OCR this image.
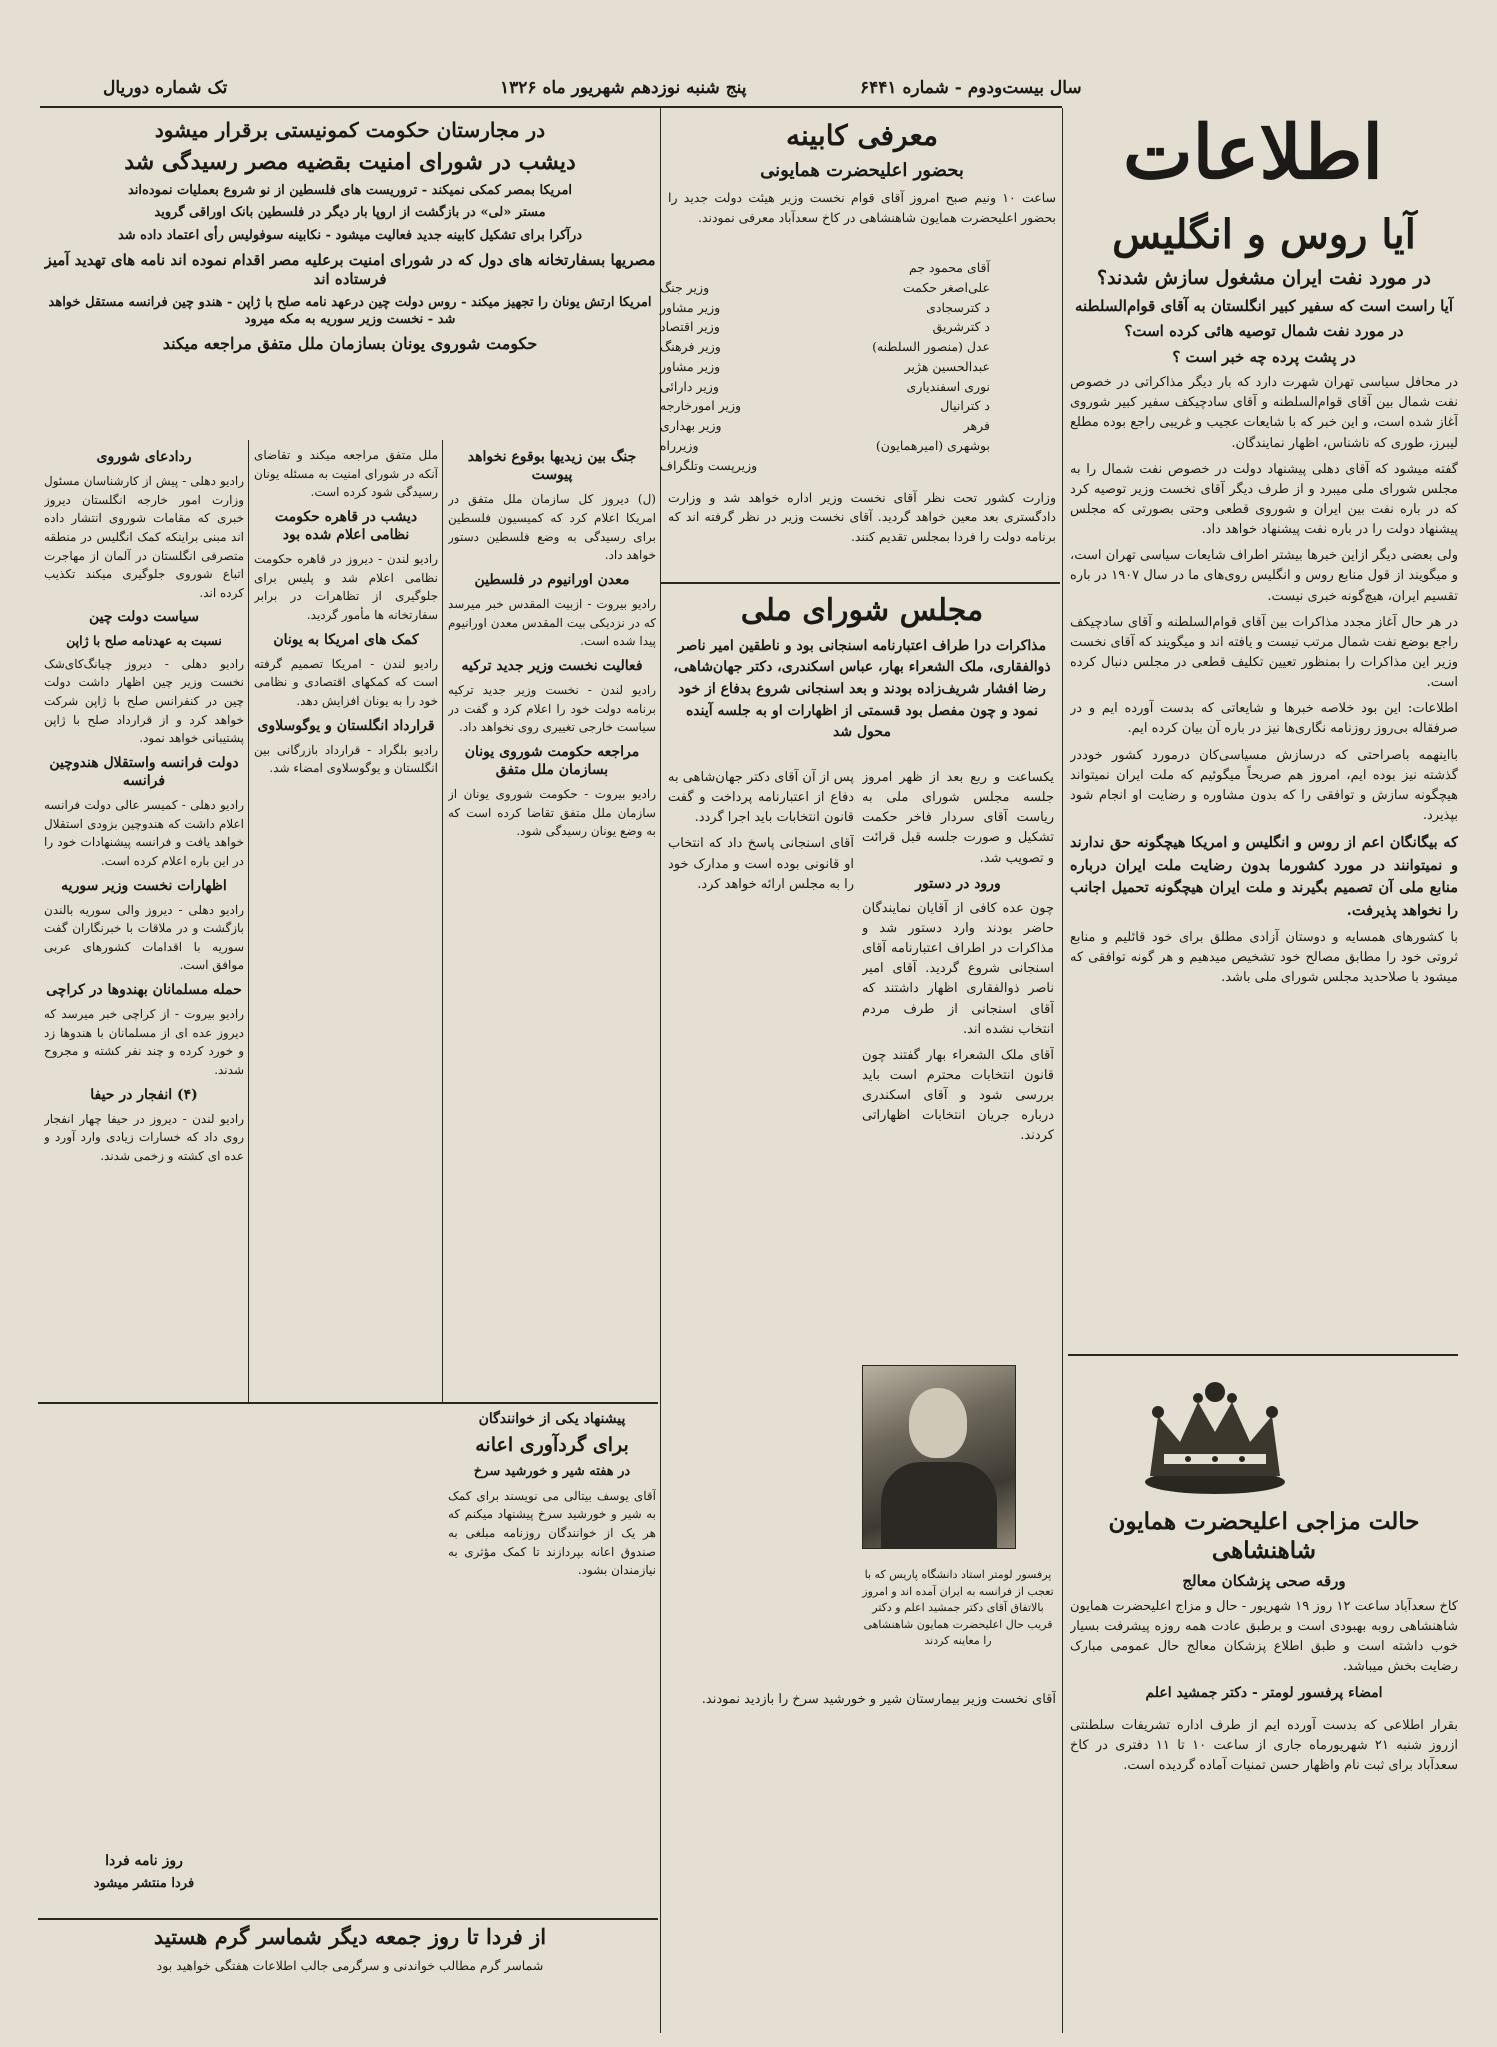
تک شماره دوریال	پنج شنبه نوزدهم شهریور ماه ۱۳۲۶	سال بیست‌ودوم - شماره ۶۴۴۱
اطلاعات
آیا روس و انگلیس
در مورد نفت ایران مشغول سازش شدند؟
آیا راست است که سفیر کبیر انگلستان به آقای قوام‌السلطنه
در مورد نفت شمال توصیه هائی کرده است؟
در پشت پرده چه خبر است ؟

در محافل سیاسی تهران شهرت دارد که بار دیگر مذاکراتی در خصوص نفت شمال بین آقای قوام‌السلطنه و آقای سادچیکف سفیر کبیر شوروی آغاز شده است، و این خبر که با شایعات عجیب و غریبی راجع بوده مطلع لیبرز، طوری که ناشناس، اظهار نمایندگان.

گفته میشود که آقای دهلی پیشنهاد دولت در خصوص نفت شمال را به مجلس شورای ملی میبرد و از طرف دیگر آقای نخست وزیر توصیه کرد که در باره نفت بین ایران و شوروی قطعی وحتی بصورتی که مجلس پیشنهاد دولت را در باره نفت پیشنهاد خواهد داد.

ولی بعضی دیگر ازاین خبرها بیشتر اطراف شایعات سیاسی تهران است، و میگویند از قول منابع روس و انگلیس روی‌های ما در سال ۱۹۰۷ در باره تقسیم ایران، هیچ‌گونه خبری نیست.

در هر حال آغاز مجدد مذاکرات بین آقای قوام‌السلطنه و آقای سادچیکف راجع بوضع نفت شمال مرتب نیست و یافته اند و میگویند که آقای نخست وزیر این مذاکرات را بمنظور تعیین تکلیف قطعی در مجلس دنبال کرده است.

اطلاعات: این بود خلاصه خبرها و شایعاتی که بدست آورده ایم و در صرفقاله بی‌روز روزنامه نگاری‌ها نیز در باره آن بیان کرده ایم.

بااینهمه باصراحتی که درسازش مسیاسی‌کان درمورد کشور خوددر گذشته ‌نیز بوده ایم، امروز هم صریحاً میگوئیم که ملت ایران نمیتواند هیچگونه سازش و توافقی را که بدون مشاوره و رضایت او انجام شود بپذیرد.

که بیگانگان اعم از روس و انگلیس و امریکا هیچگونه حق ندارند و نمیتوانند در مورد کشورما بدون رضایت ملت ایران درباره منابع ملی آن تصمیم بگیرند و ملت ایران هیچگونه تحمیل اجانب را نخواهد پذیرفت.

با کشورهای همسایه و دوستان آزادی مطلق برای خود قائلیم و منابع ثروتی خود را مطابق مصالح خود تشخیص میدهیم و هر گونه توافقی که میشود با صلاحدید مجلس شورای ملی باشد.

حالت مزاجی اعلیحضرت همایون شاهنشاهی
ورقه صحی پزشکان معالج

کاخ سعدآباد ساعت ۱۲ روز ۱۹ شهریور - حال و مزاج اعلیحضرت همایون شاهنشاهی روبه بهبودی است و برطبق عادت همه روزه پیشرفت بسیار خوب داشته است و طبق اطلاع پزشکان معالج حال عمومی مبارک رضایت بخش میباشد.

امضاء پرفسور لومتر - دکتر جمشید اعلم

بقرار اطلاعی که بدست آورده ایم از طرف اداره تشریفات سلطنتی ازروز شنبه ۲۱ شهریورماه جاری از ساعت ۱۰ تا ۱۱ دفتری در کاخ سعدآباد برای ثبت نام واظهار حسن تمنیات آماده گردیده است.

معرفی کابینه
بحضور اعلیحضرت همایونی

ساعت ۱۰ ونیم صبح امروز آقای قوام نخست وزیر هیئت دولت جدید را بحضور اعلیحضرت همایون شاهنشاهی در کاخ سعدآباد معرفی نمودند.

آقای محمود جم
علی‌اصغر حکمت
وزیر جنگ
د کترسجادی
وزیر مشاور
د کترشریق
وزیر اقتصاد
عدل (منصور السلطنه)
وزیر فرهنگ
عبدالحسین هژیر
وزیر مشاور
نوری اسفندیاری
وزیر دارائی
د کترانیال
وزیر امورخارجه
فرهر
وزیر بهداری
بوشهری (امیرهمایون)
وزیرراه
وزیرپست وتلگراف

وزارت کشور تحت نظر آقای نخست وزیر اداره خواهد شد و وزارت دادگستری بعد معین خواهد گردید. آقای نخست وزیر در نظر گرفته اند که برنامه دولت را فردا بمجلس تقدیم کنند.

مجلس شورای ملی

مذاکرات درا طراف اعتبارنامه اسنجانی بود و ناطقین امیر ناصر ذوالفقاری، ملک الشعراء بهار، عباس اسکندری، دکتر جهان‌شاهی، رضا افشار شریف‌زاده بودند و بعد اسنجانی شروع بدفاع از خود نمود و چون مفصل بود قسمتی از اظهارات او به جلسه آینده محول شد

یکساعت و ربع بعد از ظهر امروز جلسه مجلس شورای ملی به ریاست آقای سردار فاخر حکمت تشکیل و صورت جلسه قبل قرائت و تصویب شد.

ورود در دستور

چون عده کافی از آقایان نمایندگان حاضر بودند وارد دستور شد و مذاکرات در اطراف اعتبارنامه آقای اسنجانی شروع گردید. آقای امیر ناصر ذوالفقاری اظهار داشتند که آقای اسنجانی از طرف مردم انتخاب نشده اند.

آقای ملک الشعراء بهار گفتند چون قانون انتخابات محترم است باید بررسی شود و آقای اسکندری درباره جریان انتخابات اظهاراتی کردند.

پس از آن آقای دکتر جهان‌شاهی به دفاع از اعتبارنامه پرداخت و گفت قانون انتخابات باید اجرا گردد.

آقای اسنجانی پاسخ داد که انتخاب او قانونی بوده است و مدارک خود را به مجلس ارائه خواهد کرد.

پرفسور لومتر استاد دانشگاه پاریس که با تعجب از فرانسه به ایران آمده اند و امروز بالاتفاق آقای دکتر جمشید اعلم و دکتر قریب حال اعلیحضرت همایون شاهنشاهی را معاینه کردند

در مجارستان حکومت کمونیستی برقرار میشود
دیشب در شورای امنیت بقضیه مصر رسیدگی شد
امریکا بمصر کمکی نمیکند - تروریست های فلسطین از نو شروع بعملیات نموده‌اند
مستر «لی» در بازگشت از اروپا بار دیگر در فلسطین بانک اوراقی گروید
درآکرا برای تشکیل کابینه جدید فعالیت میشود - نکابینه سوفولیس رأی اعتماد داده شد
مصریها بسفارتخانه های دول که در شورای امنیت برعلیه مصر اقدام نموده اند نامه های تهدید آمیز فرستاده اند
امریکا ارتش یونان را تجهیز میکند - روس دولت چین درعهد نامه صلح با ژاپن - هندو چین فرانسه مستقل خواهد شد - نخست وزیر سوریه به مکه میرود
حکومت شوروی یونان بسازمان ملل متفق مراجعه میکند
ردادعای شوروی

رادیو دهلی - پیش از کارشناسان مسئول وزارت امور خارجه انگلستان دیروز خبری که مقامات شوروی انتشار داده اند مبنی براینکه کمک انگلیس در منطقه متصرفی انگلستان در آلمان از مهاجرت اتباع شوروی جلوگیری میکند تکذیب کرده اند.

سیاست دولت چین
نسبت به عهدنامه صلح با ژاپن

رادیو دهلی - دیروز چیانگ‌کای‌شک نخست وزیر چین اظهار داشت دولت چین در کنفرانس صلح با ژاپن شرکت خواهد کرد و از قرارداد صلح با ژاپن پشتیبانی خواهد نمود.

دولت فرانسه واستقلال هندوچین فرانسه

رادیو دهلی - کمیسر عالی دولت فرانسه اعلام داشت که هندوچین بزودی استقلال خواهد یافت و فرانسه پیشنهادات خود را در این باره اعلام کرده است.

اظهارات نخست وزیر سوریه

رادیو دهلی - دیروز والی سوریه بالندن بازگشت و در ملاقات با خبرنگاران گفت سوریه با اقدامات کشورهای عربی موافق است.

حمله مسلمانان بهندوها در کراچی

رادیو بیروت - از کراچی خبر میرسد که دیروز عده ای از مسلمانان با هندوها زد و خورد کرده و چند نفر کشته و مجروح شدند.

(۴) انفجار در حیفا

رادیو لندن - دیروز در حیفا چهار انفجار روی داد که خسارات زیادی وارد آورد و عده ای کشته و زخمی شدند.

ملل متفق مراجعه میکند و تقاضای آنکه در شورای امنیت به مسئله یونان رسیدگی شود کرده است.

دیشب در قاهره حکومت نظامی اعلام شده بود

رادیو لندن - دیروز در قاهره حکومت نظامی اعلام شد و پلیس برای جلوگیری از تظاهرات در برابر سفارتخانه ها مأمور گردید.

کمک های امریکا به یونان

رادیو لندن - امریکا تصمیم گرفته است که کمکهای اقتصادی و نظامی خود را به یونان افزایش دهد.

قرارداد انگلستان و یوگوسلاوی

رادیو بلگراد - قرارداد بازرگانی بین انگلستان و یوگوسلاوی امضاء شد.

جنگ بین زیدیها بوقوع نخواهد پیوست

(ل) دیروز کل سازمان ملل متفق در امریکا اعلام کرد که کمیسیون فلسطین برای رسیدگی به وضع فلسطین دستور خواهد داد.

معدن اورانیوم در فلسطین

رادیو بیروت - ازبیت المقدس خبر میرسد که در نزدیکی بیت المقدس معدن اورانیوم پیدا شده است.

فعالیت نخست وزیر جدید ترکیه

رادیو لندن - نخست وزیر جدید ترکیه برنامه دولت خود را اعلام کرد و گفت در سیاست خارجی تغییری روی نخواهد داد.

مراجعه حکومت شوروی یونان بسازمان ملل متفق

رادیو بیروت - حکومت شوروی یونان از سازمان ملل متفق تقاضا کرده است که به وضع یونان رسیدگی شود.

پیشنهاد یکی از خوانندگان
برای گردآوری اعانه
در هفته شیر و خورشید سرخ

آقای یوسف بیتالی می نویسند برای کمک به شیر و خورشید سرخ پیشنهاد میکنم که هر یک از خوانندگان روزنامه مبلغی به صندوق اعانه بپردازند تا کمک مؤثری به نیازمندان بشود.

روز نامه فردا
فردا منتشر میشود

آقای نخست وزیر بیمارستان شیر و خورشید سرخ را بازدید نمودند.

از فردا تا روز جمعه دیگر شماسر گرم هستید

شماسر گرم مطالب خواندنی و سرگرمی جالب اطلاعات هفتگی خواهید بود
